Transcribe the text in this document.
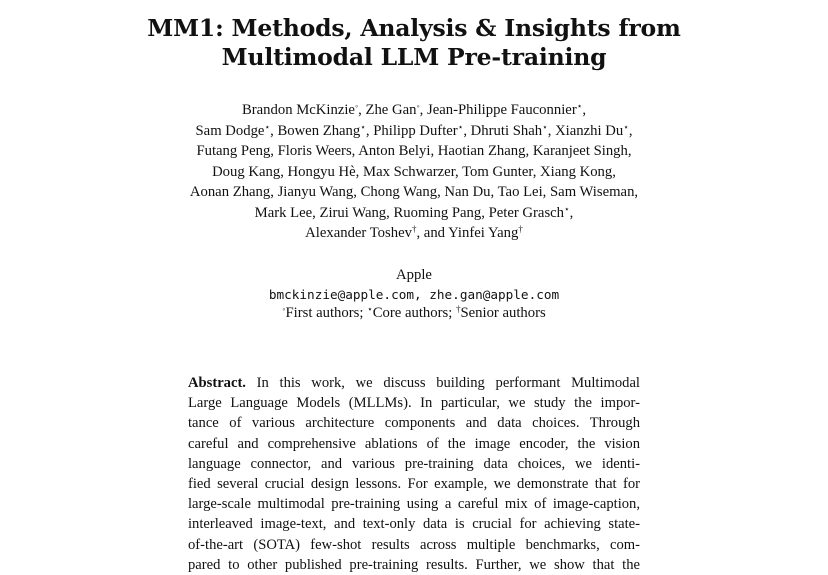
MM1: Methods, Analysis & Insights from
Multimodal LLM Pre-training
Brandon McKinzie◦, Zhe Gan◦, Jean-Philippe Fauconnier⋆,
Sam Dodge⋆, Bowen Zhang⋆, Philipp Dufter⋆, Dhruti Shah⋆, Xianzhi Du⋆,
Futang Peng, Floris Weers, Anton Belyi, Haotian Zhang, Karanjeet Singh,
Doug Kang, Hongyu Hè, Max Schwarzer, Tom Gunter, Xiang Kong,
Aonan Zhang, Jianyu Wang, Chong Wang, Nan Du, Tao Lei, Sam Wiseman,
Mark Lee, Zirui Wang, Ruoming Pang, Peter Grasch⋆,
Alexander Toshev†, and Yinfei Yang†
Apple
bmckinzie@apple.com, zhe.gan@apple.com
◦First authors; ⋆Core authors; †Senior authors
Abstract. In this work, we discuss building performant Multimodal
Large Language Models (MLLMs). In particular, we study the impor-
tance of various architecture components and data choices. Through
careful and comprehensive ablations of the image encoder, the vision
language connector, and various pre-training data choices, we identi-
fied several crucial design lessons. For example, we demonstrate that for
large-scale multimodal pre-training using a careful mix of image-caption,
interleaved image-text, and text-only data is crucial for achieving state-
of-the-art (SOTA) few-shot results across multiple benchmarks, com-
pared to other published pre-training results. Further, we show that the
